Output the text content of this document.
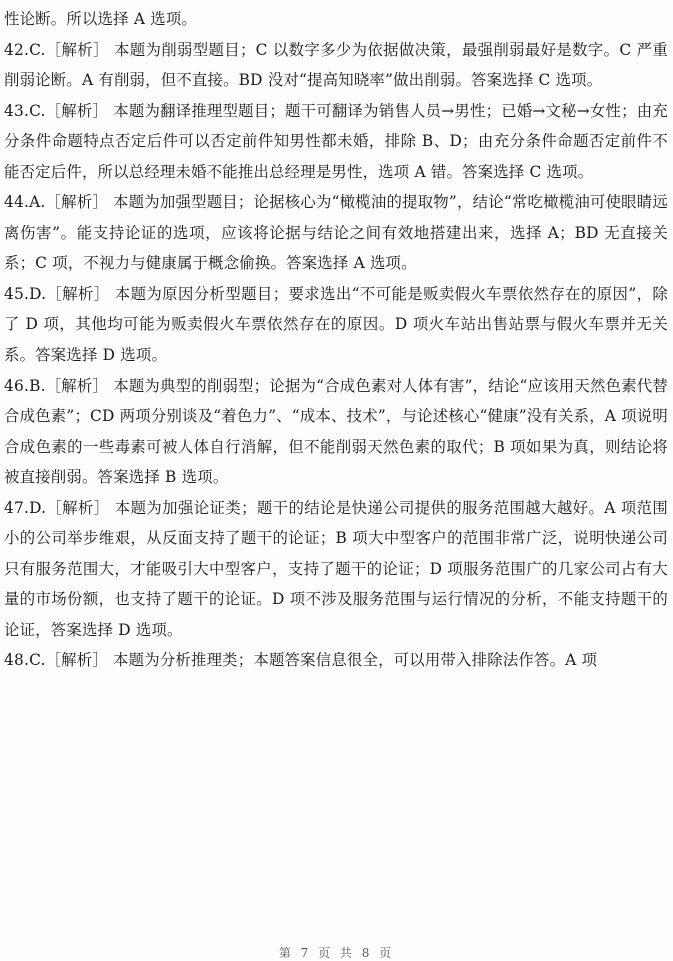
性论断。所以选择 A 选项。

42.C.［解析］ 本题为削弱型题目；C 以数字多少为依据做决策，最强削弱最好是数字。C 严重削弱论断。A 有削弱，但不直接。BD 没对“提高知晓率”做出削弱。答案选择 C 选项。

43.C.［解析］ 本题为翻译推理型题目；题干可翻译为销售人员→男性；已婚→文秘→女性；由充分条件命题特点否定后件可以否定前件知男性都未婚，排除 B、D；由充分条件命题否定前件不能否定后件，所以总经理未婚不能推出总经理是男性，选项 A 错。答案选择 C 选项。

44.A.［解析］ 本题为加强型题目；论据核心为“橄榄油的提取物”，结论“常吃橄榄油可使眼睛远离伤害”。能支持论证的选项，应该将论据与结论之间有效地搭建出来，选择 A；BD 无直接关系；C 项，不视力与健康属于概念偷换。答案选择 A 选项。

45.D.［解析］ 本题为原因分析型题目；要求选出“不可能是贩卖假火车票依然存在的原因”，除了 D 项，其他均可能为贩卖假火车票依然存在的原因。D 项火车站出售站票与假火车票并无关系。答案选择 D 选项。

46.B.［解析］ 本题为典型的削弱型；论据为“合成色素对人体有害”，结论“应该用天然色素代替合成色素”；CD 两项分别谈及“着色力”、“成本、技术”，与论述核心“健康”没有关系，A 项说明合成色素的一些毒素可被人体自行消解，但不能削弱天然色素的取代；B 项如果为真，则结论将被直接削弱。答案选择 B 选项。

47.D.［解析］ 本题为加强论证类；题干的结论是快递公司提供的服务范围越大越好。A 项范围小的公司举步维艰，从反面支持了题干的论证；B 项大中型客户的范围非常广泛，说明快递公司只有服务范围大，才能吸引大中型客户，支持了题干的论证；D 项服务范围广的几家公司占有大量的市场份额，也支持了题干的论证。D 项不涉及服务范围与运行情况的分析，不能支持题干的论证，答案选择 D 选项。

48.C.［解析］ 本题为分析推理类；本题答案信息很全，可以用带入排除法作答。A 项

第 7 页 共 8 页
